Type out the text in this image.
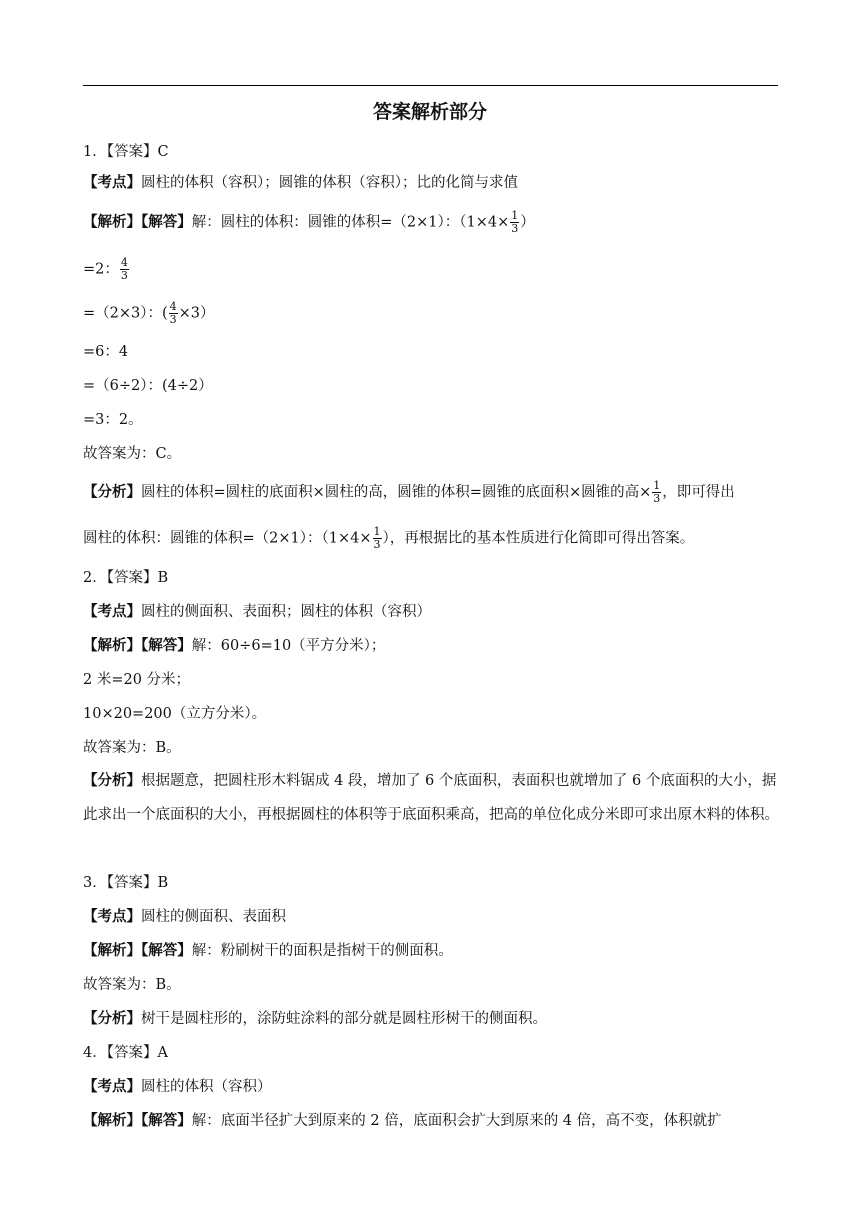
答案解析部分
1．【答案】C
【考点】圆柱的体积（容积）；圆锥的体积（容积）；比的化简与求值
【解析】【解答】解：圆柱的体积：圆锥的体积=（2×1）：（$1\times 4\times \frac{1}{3}$ ）
=2： $\frac{4}{3}$
=（2×3）：( $\frac{4}{3} \times 3$）
=6：4
=（6÷2）：(4÷2）
=3：2。
故答案为：C。
【分析】圆柱的体积=圆柱的底面积×圆柱的高，圆锥的体积=圆锥的底面积×圆锥的高× $\frac{1}{3}$ ，即可得出
圆柱的体积：圆锥的体积=（2×1）：（$1\times 4\times \frac{1}{3}$ ），再根据比的基本性质进行化简即可得出答案。
2．【答案】B
【考点】圆柱的侧面积、表面积；圆柱的体积（容积）
【解析】【解答】解：60÷6=10（平方分米）；
2 米=20 分米；
10×20=200（立方分米）。
故答案为：B。
【分析】根据题意，把圆柱形木料锯成 4 段，增加了 6 个底面积，表面积也就增加了 6 个底面积的大小，据此求出一个底面积的大小，再根据圆柱的体积等于底面积乘高，把高的单位化成分米即可求出原木料的体积。
3．【答案】B
【考点】圆柱的侧面积、表面积
【解析】【解答】解：粉刷树干的面积是指树干的侧面积。
故答案为：B。
【分析】树干是圆柱形的，涂防蛀涂料的部分就是圆柱形树干的侧面积。
4．【答案】A
【考点】圆柱的体积（容积）
【解析】【解答】解：底面半径扩大到原来的 2 倍，底面积会扩大到原来的 4 倍，高不变，体积就扩
